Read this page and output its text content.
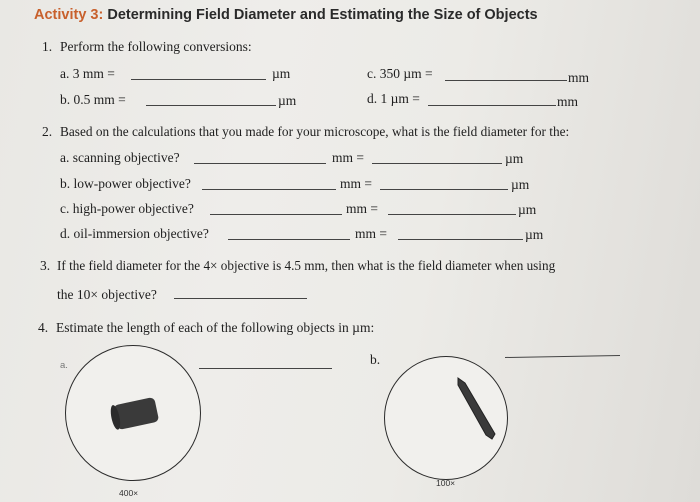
Activity 3: Determining Field Diameter and Estimating the Size of Objects
1. Perform the following conversions:
a. 3 mm =	µm	c. 350 µm =	mm
b. 0.5 mm =	µm	d. 1 µm =	mm
2. Based on the calculations that you made for your microscope, what is the field diameter for the:
a. scanning objective?	mm =	µm
b. low-power objective?	mm =	µm
c. high-power objective?	mm =	µm
d. oil-immersion objective?	mm =	µm
3. If the field diameter for the 4× objective is 4.5 mm, then what is the field diameter when using
the 10× objective?
4. Estimate the length of each of the following objects in µm:
a.	b.
400×
100×
